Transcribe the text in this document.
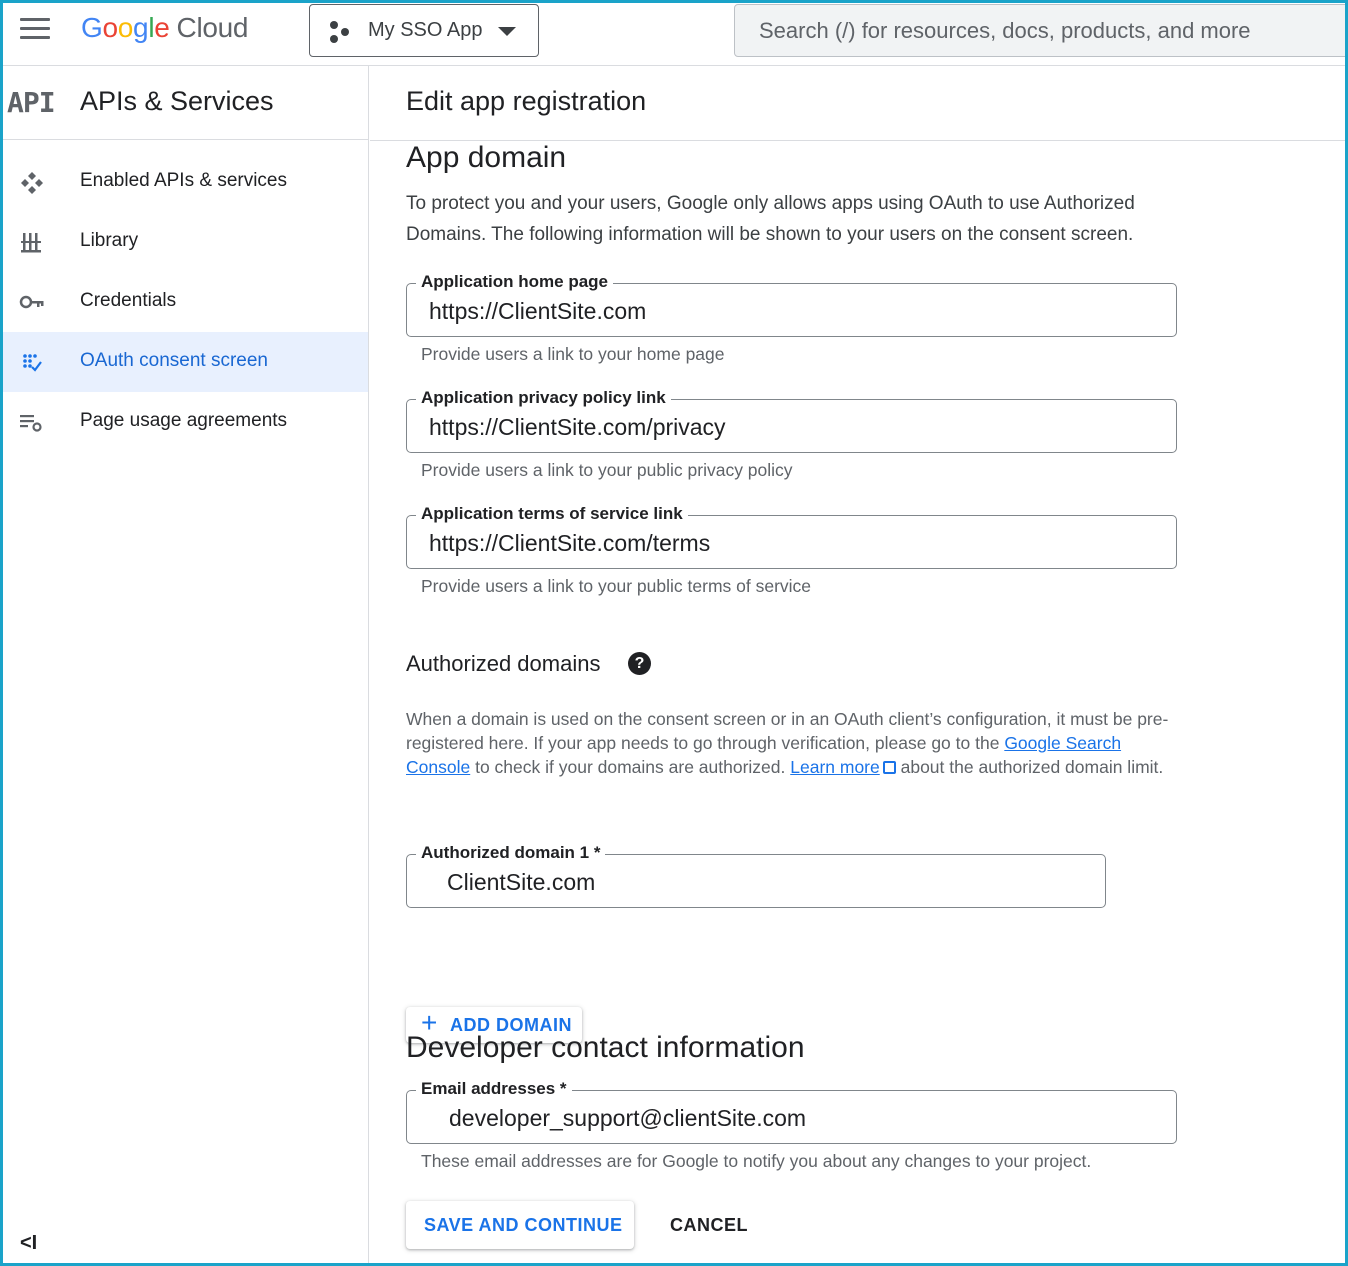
Google Cloud	My SSO App
Search (/) for resources, docs, products, and more
API APIs & Services
Enabled APIs & services
Library
Credentials
OAuth consent screen
Page usage agreements
<I
Edit app registration
App domain
To protect you and your users, Google only allows apps using OAuth to use Authorized Domains. The following information will be shown to your users on the consent screen.
Application home page
https://ClientSite.com
Provide users a link to your home page
Application privacy policy link
https://ClientSite.com/privacy
Provide users a link to your public privacy policy
Application terms of service link
https://ClientSite.com/terms
Provide users a link to your public terms of service
Authorized domains	?
When a domain is used on the consent screen or in an OAuth client’s configuration, it must be pre-registered here. If your app needs to go through verification, please go to the Google Search Console to check if your domains are authorized. Learn more about the authorized domain limit.
Authorized domain 1 *
ClientSite.com
+ ADD DOMAIN
Developer contact information
Email addresses *
developer_support@clientSite.com
These email addresses are for Google to notify you about any changes to your project.
SAVE AND CONTINUE	CANCEL
